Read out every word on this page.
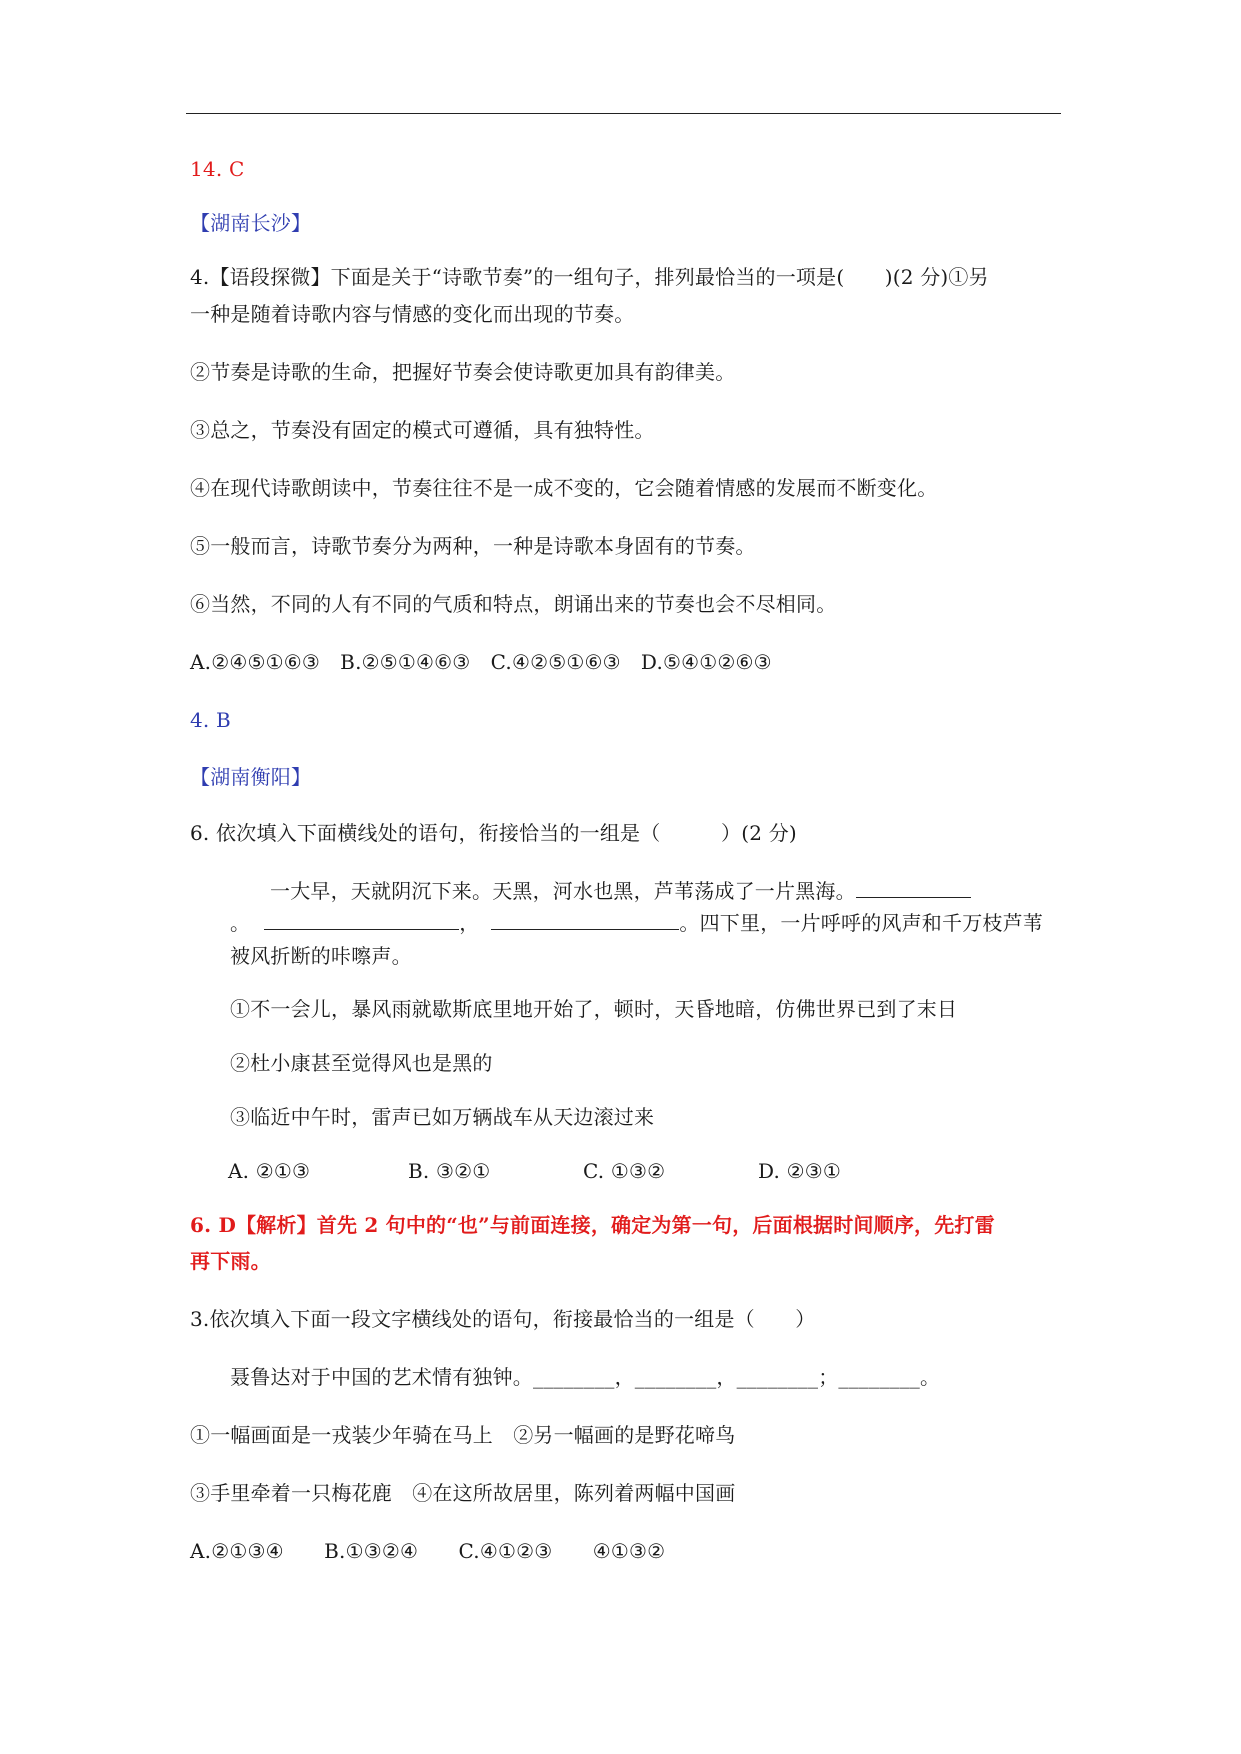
14. C
【湖南长沙】
4.【语段探微】下面是关于“诗歌节奏”的一组句子，排列最恰当的一项是(　　)(2 分)①另
一种是随着诗歌内容与情感的变化而出现的节奏。
②节奏是诗歌的生命，把握好节奏会使诗歌更加具有韵律美。
③总之，节奏没有固定的模式可遵循，具有独特性。
④在现代诗歌朗读中，节奏往往不是一成不变的，它会随着情感的发展而不断变化。
⑤一般而言，诗歌节奏分为两种，一种是诗歌本身固有的节奏。
⑥当然，不同的人有不同的气质和特点，朗诵出来的节奏也会不尽相同。
A.②④⑤①⑥③　B.②⑤①④⑥③　C.④②⑤①⑥③　D.⑤④①②⑥③
4. B
【湖南衡阳】
6. 依次填入下面横线处的语句，衔接恰当的一组是（　　　）(2 分)
一大早，天就阴沉下来。天黑，河水也黑，芦苇荡成了一片黑海。
。	，	。四下里，一片呼呼的风声和千万枝芦苇
被风折断的咔嚓声。
①不一会儿，暴风雨就歇斯底里地开始了，顿时，天昏地暗，仿佛世界已到了末日
②杜小康甚至觉得风也是黑的
③临近中午时，雷声已如万辆战车从天边滚过来
A. ②①③	B. ③②①	C. ①③②	D. ②③①
6. D【解析】首先 2 句中的“也”与前面连接，确定为第一句，后面根据时间顺序，先打雷
再下雨。
3.依次填入下面一段文字横线处的语句，衔接最恰当的一组是（　　）
聂鲁达对于中国的艺术情有独钟。________，________，________；________。
①一幅画面是一戎装少年骑在马上　②另一幅画的是野花啼鸟
③手里牵着一只梅花鹿　④在这所故居里，陈列着两幅中国画
A.②①③④　　B.①③②④　　C.④①②③　　④①③②
